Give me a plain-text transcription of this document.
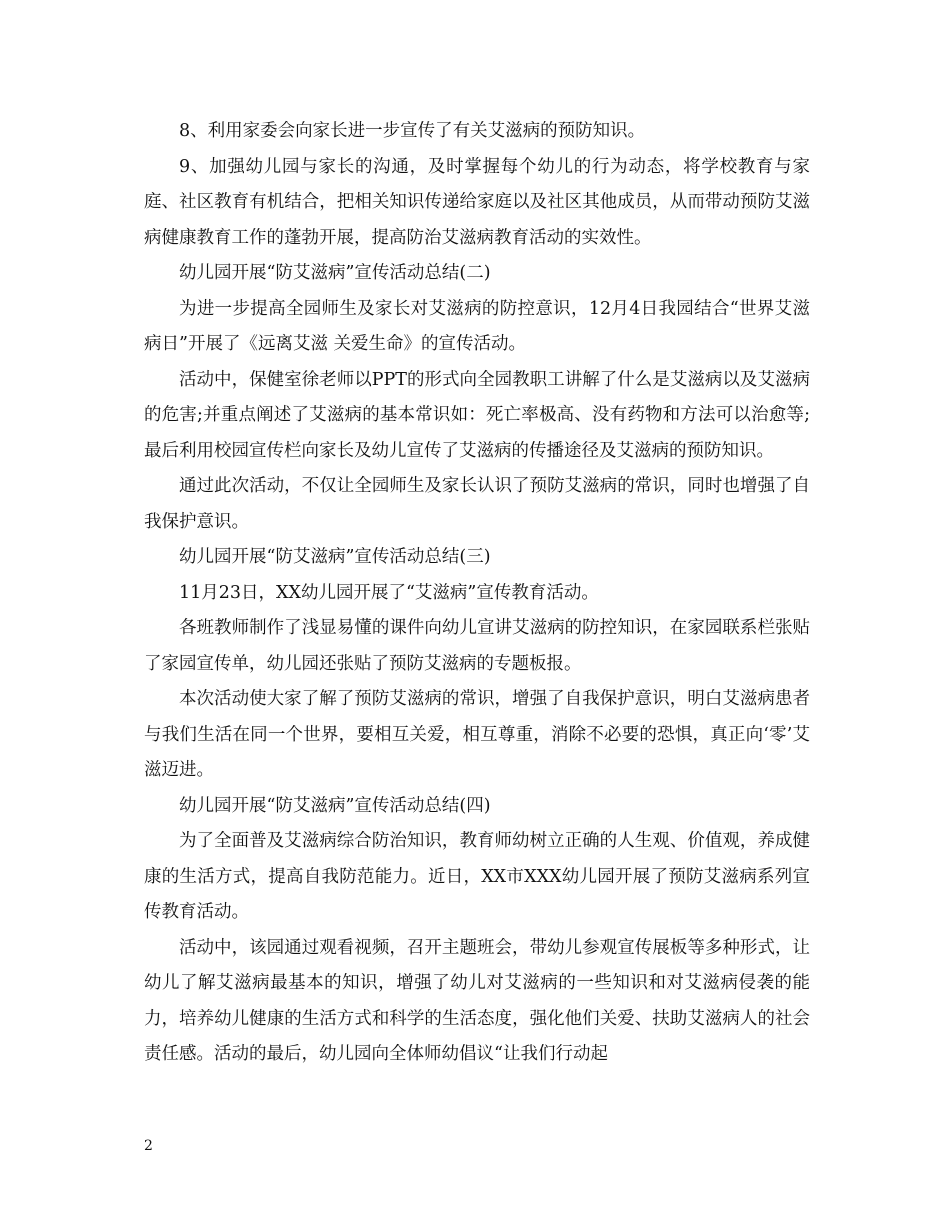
8、利用家委会向家长进一步宣传了有关艾滋病的预防知识。

9、加强幼儿园与家长的沟通，及时掌握每个幼儿的行为动态，将学校教育与家庭、社区教育有机结合，把相关知识传递给家庭以及社区其他成员，从而带动预防艾滋病健康教育工作的蓬勃开展，提高防治艾滋病教育活动的实效性。

幼儿园开展“防艾滋病”宣传活动总结(二)

为进一步提高全园师生及家长对艾滋病的防控意识，12月4日我园结合“世界艾滋病日”开展了《远离艾滋 关爱生命》的宣传活动。

活动中，保健室徐老师以PPT的形式向全园教职工讲解了什么是艾滋病以及艾滋病的危害;并重点阐述了艾滋病的基本常识如：死亡率极高、没有药物和方法可以治愈等;最后利用校园宣传栏向家长及幼儿宣传了艾滋病的传播途径及艾滋病的预防知识。

通过此次活动，不仅让全园师生及家长认识了预防艾滋病的常识，同时也增强了自我保护意识。

幼儿园开展“防艾滋病”宣传活动总结(三)

11月23日，XX幼儿园开展了“艾滋病”宣传教育活动。

各班教师制作了浅显易懂的课件向幼儿宣讲艾滋病的防控知识，在家园联系栏张贴了家园宣传单，幼儿园还张贴了预防艾滋病的专题板报。

本次活动使大家了解了预防艾滋病的常识，增强了自我保护意识，明白艾滋病患者与我们生活在同一个世界，要相互关爱，相互尊重，消除不必要的恐惧，真正向‘零’艾滋迈进。

幼儿园开展“防艾滋病”宣传活动总结(四)

为了全面普及艾滋病综合防治知识，教育师幼树立正确的人生观、价值观，养成健康的生活方式，提高自我防范能力。近日，XX市XXX幼儿园开展了预防艾滋病系列宣传教育活动。

活动中，该园通过观看视频，召开主题班会，带幼儿参观宣传展板等多种形式，让幼儿了解艾滋病最基本的知识，增强了幼儿对艾滋病的一些知识和对艾滋病侵袭的能力，培养幼儿健康的生活方式和科学的生活态度，强化他们关爱、扶助艾滋病人的社会责任感。活动的最后，幼儿园向全体师幼倡议“让我们行动起

2
